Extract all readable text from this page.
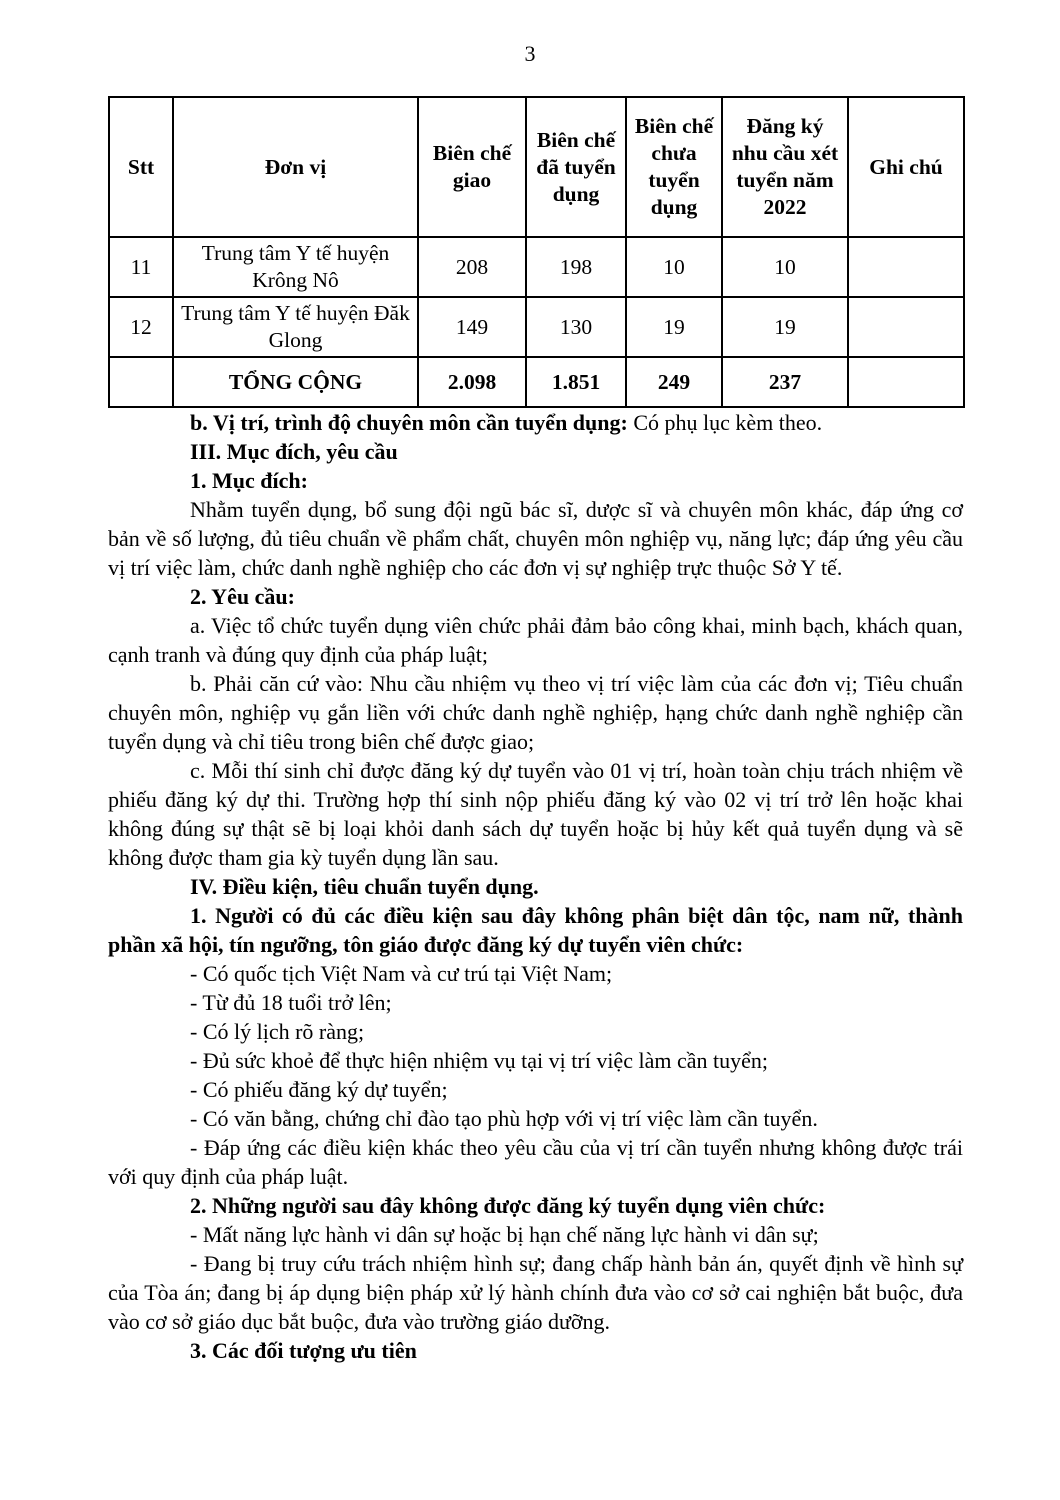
3
Stt	Đơn vị	Biên chế giao	Biên chế đã tuyển dụng	Biên chế chưa tuyển dụng	Đăng ký nhu cầu xét tuyển năm 2022	Ghi chú
11	Trung tâm Y tế huyện Krông Nô	208	198	10	10	
12	Trung tâm Y tế huyện Đăk Glong	149	130	19	19	
	TỔNG CỘNG	2.098	1.851	249	237	

b. Vị trí, trình độ chuyên môn cần tuyển dụng: Có phụ lục kèm theo.

III. Mục đích, yêu cầu

1. Mục đích:

Nhằm tuyển dụng, bổ sung đội ngũ bác sĩ, dược sĩ và chuyên môn khác, đáp ứng cơ bản về số lượng, đủ tiêu chuẩn về phẩm chất, chuyên môn nghiệp vụ, năng lực; đáp ứng yêu cầu vị trí việc làm, chức danh nghề nghiệp cho các đơn vị sự nghiệp trực thuộc Sở Y tế.

2. Yêu cầu:

a. Việc tổ chức tuyển dụng viên chức phải đảm bảo công khai, minh bạch, khách quan, cạnh tranh và đúng quy định của pháp luật;

b. Phải căn cứ vào: Nhu cầu nhiệm vụ theo vị trí việc làm của các đơn vị; Tiêu chuẩn chuyên môn, nghiệp vụ gắn liền với chức danh nghề nghiệp, hạng chức danh nghề nghiệp cần tuyển dụng và chỉ tiêu trong biên chế được giao;

c. Mỗi thí sinh chỉ được đăng ký dự tuyển vào 01 vị trí, hoàn toàn chịu trách nhiệm về phiếu đăng ký dự thi. Trường hợp thí sinh nộp phiếu đăng ký vào 02 vị trí trở lên hoặc khai không đúng sự thật sẽ bị loại khỏi danh sách dự tuyển hoặc bị hủy kết quả tuyển dụng và sẽ không được tham gia kỳ tuyển dụng lần sau.

IV. Điều kiện, tiêu chuẩn tuyển dụng.

1. Người có đủ các điều kiện sau đây không phân biệt dân tộc, nam nữ, thành phần xã hội, tín ngưỡng, tôn giáo được đăng ký dự tuyển viên chức:

- Có quốc tịch Việt Nam và cư trú tại Việt Nam;

- Từ đủ 18 tuổi trở lên;

- Có lý lịch rõ ràng;

- Đủ sức khoẻ để thực hiện nhiệm vụ tại vị trí việc làm cần tuyển;

- Có phiếu đăng ký dự tuyển;

- Có văn bằng, chứng chỉ đào tạo phù hợp với vị trí việc làm cần tuyển.

- Đáp ứng các điều kiện khác theo yêu cầu của vị trí cần tuyển nhưng không được trái với quy định của pháp luật.

2. Những người sau đây không được đăng ký tuyển dụng viên chức:

- Mất năng lực hành vi dân sự hoặc bị hạn chế năng lực hành vi dân sự;

- Đang bị truy cứu trách nhiệm hình sự; đang chấp hành bản án, quyết định về hình sự của Tòa án; đang bị áp dụng biện pháp xử lý hành chính đưa vào cơ sở cai nghiện bắt buộc, đưa vào cơ sở giáo dục bắt buộc, đưa vào trường giáo dưỡng.

3. Các đối tượng ưu tiên
